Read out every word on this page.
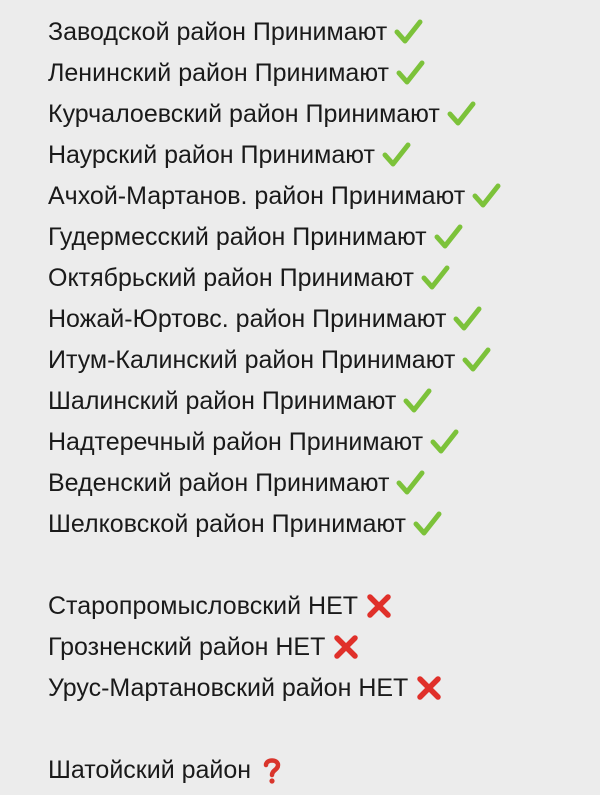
Заводской район Принимают
Ленинский район Принимают
Курчалоевский район Принимают
Наурский район Принимают
Ачхой-Мартанов. район Принимают
Гудермесский район Принимают
Октябрьский район Принимают
Ножай-Юртовс. район Принимают
Итум-Калинский район Принимают
Шалинский район Принимают
Надтеречный район Принимают
Веденский район Принимают
Шелковской район Принимают
Старопромысловский НЕТ
Грозненский район НЕТ
Урус-Мартановский район НЕТ
Шатойский район
